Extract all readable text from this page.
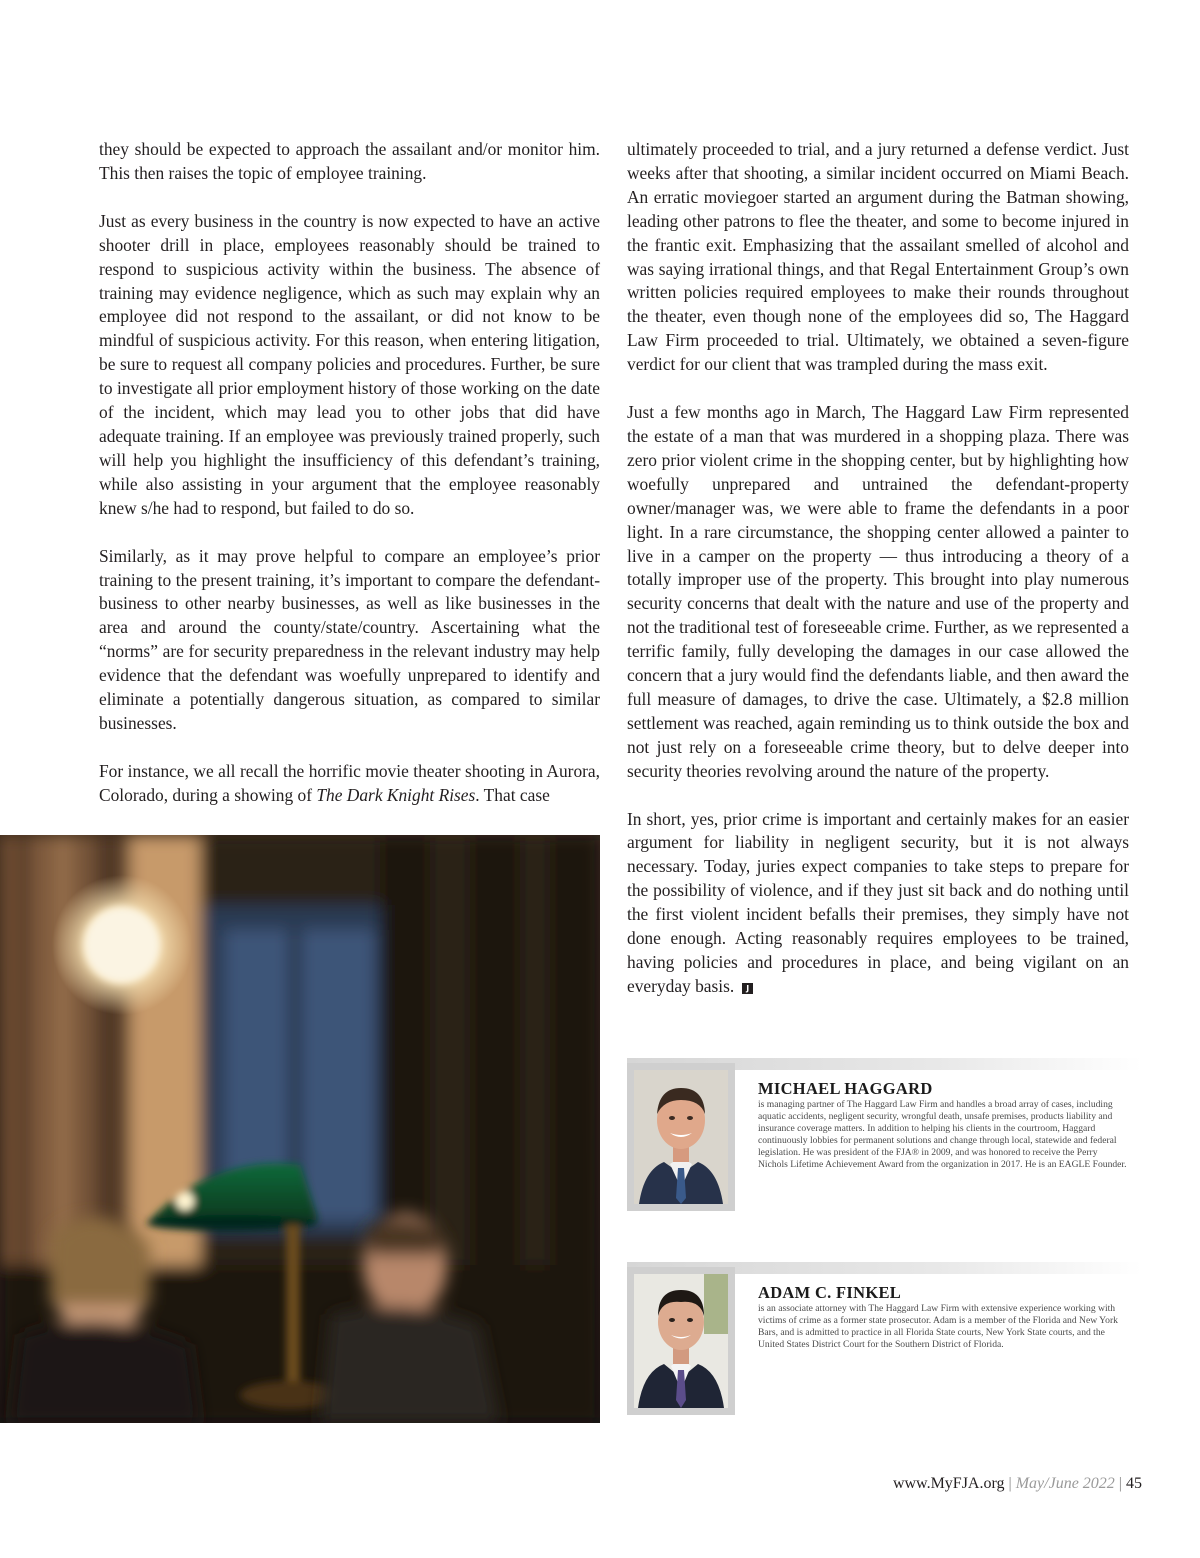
they should be expected to approach the assailant and/or monitor him. This then raises the topic of employee training.

Just as every business in the country is now expected to have an active shooter drill in place, employees reasonably should be trained to respond to suspicious activity within the business. The absence of training may evidence negligence, which as such may explain why an employee did not respond to the assailant, or did not know to be mindful of suspicious activity. For this reason, when entering litigation, be sure to request all company policies and procedures. Further, be sure to investigate all prior employment history of those working on the date of the incident, which may lead you to other jobs that did have adequate training. If an employee was previously trained properly, such will help you highlight the insufficiency of this defendant’s training, while also assisting in your argument that the employee reasonably knew s/he had to respond, but failed to do so.

Similarly, as it may prove helpful to compare an employee’s prior training to the present training, it’s important to compare the defendant-business to other nearby businesses, as well as like businesses in the area and around the county/state/country. Ascertaining what the “norms” are for security preparedness in the relevant industry may help evidence that the defendant was woefully unprepared to identify and eliminate a potentially dangerous situation, as compared to similar businesses.

For instance, we all recall the horrific movie theater shooting in Aurora, Colorado, during a showing of The Dark Knight Rises. That case

ultimately proceeded to trial, and a jury returned a defense verdict. Just weeks after that shooting, a similar incident occurred on Miami Beach. An erratic moviegoer started an argument during the Batman showing, leading other patrons to flee the theater, and some to become injured in the frantic exit. Emphasizing that the assailant smelled of alcohol and was saying irrational things, and that Regal Entertainment Group’s own written policies required employees to make their rounds throughout the theater, even though none of the employees did so, The Haggard Law Firm proceeded to trial. Ultimately, we obtained a seven-figure verdict for our client that was trampled during the mass exit.

Just a few months ago in March, The Haggard Law Firm represented the estate of a man that was murdered in a shopping plaza. There was zero prior violent crime in the shopping center, but by highlighting how woefully unprepared and untrained the defendant-property owner/manager was, we were able to frame the defendants in a poor light. In a rare circumstance, the shopping center allowed a painter to live in a camper on the property — thus introducing a theory of a totally improper use of the property. This brought into play numerous security concerns that dealt with the nature and use of the property and not the traditional test of foreseeable crime. Further, as we represented a terrific family, fully developing the damages in our case allowed the concern that a jury would find the defendants liable, and then award the full measure of damages, to drive the case. Ultimately, a $2.8 million settlement was reached, again reminding us to think outside the box and not just rely on a foreseeable crime theory, but to delve deeper into security theories revolving around the nature of the property.

In short, yes, prior crime is important and certainly makes for an easier argument for liability in negligent security, but it is not always necessary. Today, juries expect companies to take steps to prepare for the possibility of violence, and if they just sit back and do nothing until the first violent incident befalls their premises, they simply have not done enough. Acting reasonably requires employees to be trained, having policies and procedures in place, and being vigilant on an everyday basis. J

MICHAEL HAGGARD
is managing partner of The Haggard Law Firm and handles a broad array of cases, including aquatic accidents, negligent security, wrongful death, unsafe premises, products liability and insurance coverage matters. In addition to helping his clients in the courtroom, Haggard continuously lobbies for permanent solutions and change through local, statewide and federal legislation. He was president of the FJA® in 2009, and was honored to receive the Perry Nichols Lifetime Achievement Award from the organization in 2017. He is an EAGLE Founder.
ADAM C. FINKEL
is an associate attorney with The Haggard Law Firm with extensive experience working with victims of crime as a former state prosecutor. Adam is a member of the Florida and New York Bars, and is admitted to practice in all Florida State courts, New York State courts, and the United States District Court for the Southern District of Florida.
www.MyFJA.org | May/June 2022 | 45
